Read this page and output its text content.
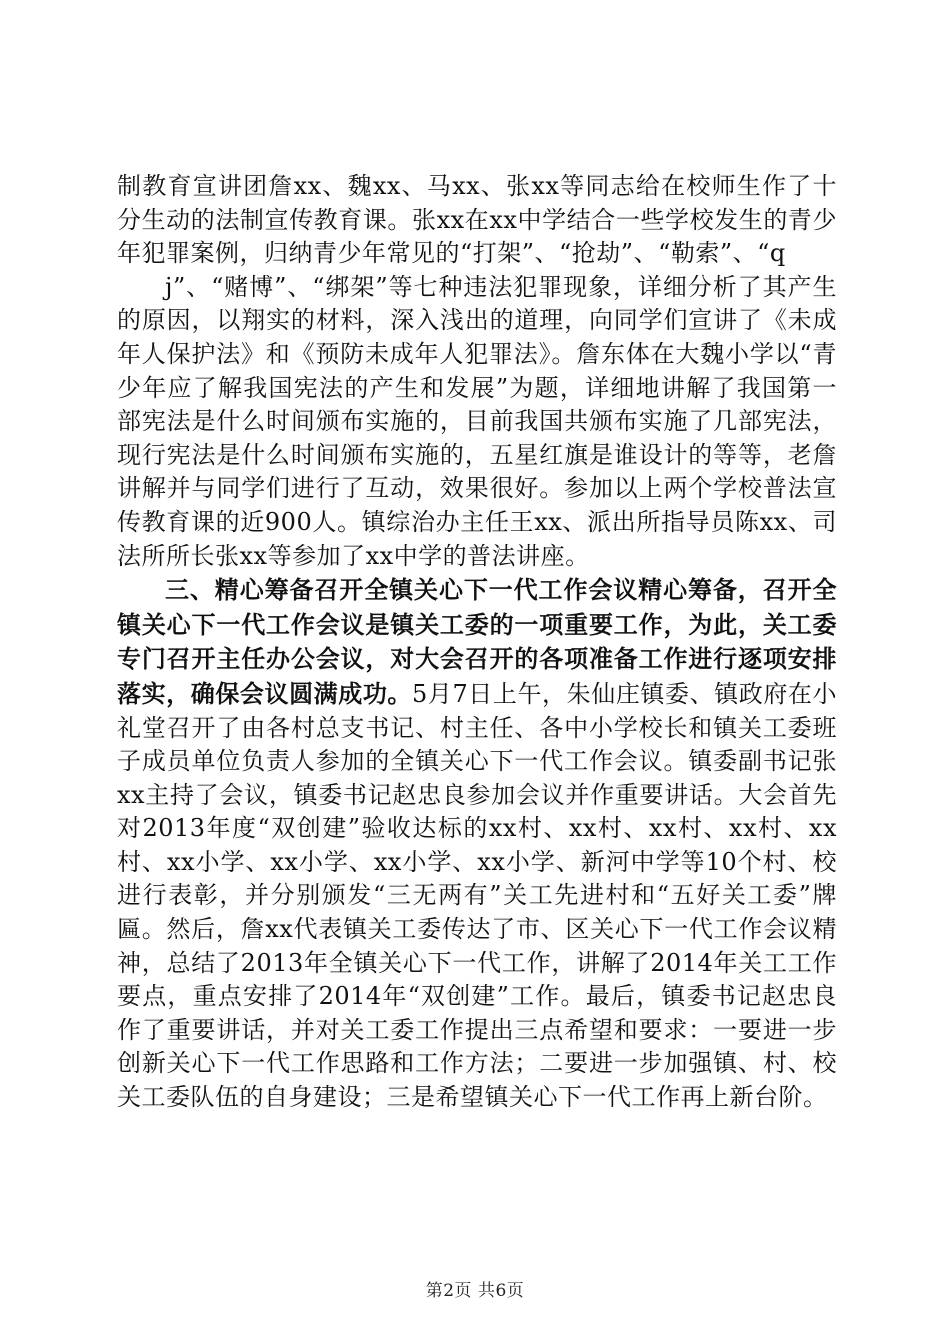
制教育宣讲团詹xx、魏xx、马xx、张xx等同志给在校师生作了十分生动的法制宣传教育课。张xx在xx中学结合一些学校发生的青少年犯罪案例，归纳青少年常见的“打架”、“抢劫”、“勒索”、“q

j”、“赌博”、“绑架”等七种违法犯罪现象，详细分析了其产生的原因，以翔实的材料，深入浅出的道理，向同学们宣讲了《未成年人保护法》和《预防未成年人犯罪法》。詹东体在大魏小学以“青少年应了解我国宪法的产生和发展”为题，详细地讲解了我国第一部宪法是什么时间颁布实施的，目前我国共颁布实施了几部宪法，现行宪法是什么时间颁布实施的，五星红旗是谁设计的等等，老詹讲解并与同学们进行了互动，效果很好。参加以上两个学校普法宣传教育课的近900人。镇综治办主任王xx、派出所指导员陈xx、司法所所长张xx等参加了xx中学的普法讲座。

三、精心筹备召开全镇关心下一代工作会议精心筹备，召开全镇关心下一代工作会议是镇关工委的一项重要工作，为此，关工委专门召开主任办公会议，对大会召开的各项准备工作进行逐项安排落实，确保会议圆满成功。5月7日上午，朱仙庄镇委、镇政府在小礼堂召开了由各村总支书记、村主任、各中小学校长和镇关工委班子成员单位负责人参加的全镇关心下一代工作会议。镇委副书记张xx主持了会议，镇委书记赵忠良参加会议并作重要讲话。大会首先对2013年度“双创建”验收达标的xx村、xx村、xx村、xx村、xx村、xx小学、xx小学、xx小学、xx小学、新河中学等10个村、校进行表彰，并分别颁发“三无两有”关工先进村和“五好关工委”牌匾。然后，詹xx代表镇关工委传达了市、区关心下一代工作会议精神，总结了2013年全镇关心下一代工作，讲解了2014年关工工作要点，重点安排了2014年“双创建”工作。最后，镇委书记赵忠良作了重要讲话，并对关工委工作提出三点希望和要求：一要进一步创新关心下一代工作思路和工作方法；二要进一步加强镇、村、校关工委队伍的自身建设；三是希望镇关心下一代工作再上新台阶。

第2页 共6页
